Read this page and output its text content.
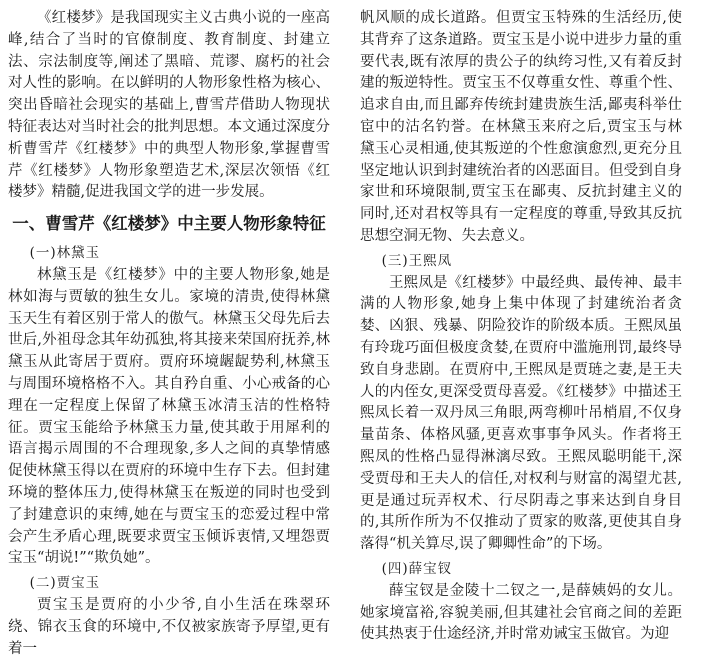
《红楼梦》是我国现实主义古典小说的一座高峰,结合了当时的官僚制度、教育制度、封建立法、宗法制度等,阐述了黑暗、荒谬、腐朽的社会对人性的影响。在以鲜明的人物形象性格为核心、突出昏暗社会现实的基础上,曹雪芹借助人物现状特征表达对当时社会的批判思想。本文通过深度分析曹雪芹《红楼梦》中的典型人物形象,掌握曹雪芹《红楼梦》人物形象塑造艺术,深层次领悟《红楼梦》精髓,促进我国文学的进一步发展。

一、曹雪芹《红楼梦》中主要人物形象特征
(一)林黛玉

林黛玉是《红楼梦》中的主要人物形象,她是林如海与贾敏的独生女儿。家境的清贵,使得林黛玉天生有着区别于常人的傲气。林黛玉父母先后去世后,外祖母念其年幼孤独,将其接来荣国府抚养,林黛玉从此寄居于贾府。贾府环境龌龊势利,林黛玉与周围环境格格不入。其自矜自重、小心戒备的心理在一定程度上保留了林黛玉冰清玉洁的性格特征。贾宝玉能给予林黛玉力量,使其敢于用犀利的语言揭示周围的不合理现象,多人之间的真挚情感促使林黛玉得以在贾府的环境中生存下去。但封建环境的整体压力,使得林黛玉在叛逆的同时也受到了封建意识的束缚,她在与贾宝玉的恋爱过程中常会产生矛盾心理,既要求贾宝玉倾诉衷情,又埋怨贾宝玉“胡说!”“欺负她”。

(二)贾宝玉

贾宝玉是贾府的小少爷,自小生活在珠翠环绕、锦衣玉食的环境中,不仅被家族寄予厚望,更有着一

帆风顺的成长道路。但贾宝玉特殊的生活经历,使其背弃了这条道路。贾宝玉是小说中进步力量的重要代表,既有浓厚的贵公子的纨绔习性,又有着反封建的叛逆特性。贾宝玉不仅尊重女性、尊重个性、追求自由,而且鄙弃传统封建贵族生活,鄙夷科举仕宦中的沽名钓誉。在林黛玉来府之后,贾宝玉与林黛玉心灵相通,使其叛逆的个性愈演愈烈,更充分且坚定地认识到封建统治者的凶恶面目。但受到自身家世和环境限制,贾宝玉在鄙夷、反抗封建主义的同时,还对君权等具有一定程度的尊重,导致其反抗思想空洞无物、失去意义。

(三)王熙凤

王熙凤是《红楼梦》中最经典、最传神、最丰满的人物形象,她身上集中体现了封建统治者贪婪、凶狠、残暴、阴险狡诈的阶级本质。王熙凤虽有玲珑巧面但极度贪婪,在贾府中滥施刑罚,最终导致自身悲剧。在贾府中,王熙凤是贾琏之妻,是王夫人的内侄女,更深受贾母喜爱。《红楼梦》中描述王熙凤长着一双丹凤三角眼,两弯柳叶吊梢眉,不仅身量苗条、体格风骚,更喜欢事事争风头。作者将王熙凤的性格凸显得淋漓尽致。王熙凤聪明能干,深受贾母和王夫人的信任,对权利与财富的渴望尤甚,更是通过玩弄权术、行尽阴毒之事来达到自身目的,其所作所为不仅推动了贾家的败落,更使其自身落得“机关算尽,误了卿卿性命”的下场。

(四)薛宝钗

薛宝钗是金陵十二钗之一,是薛姨妈的女儿。她家境富裕,容貌美丽,但其建社会官商之间的差距使其热衷于仕途经济,并时常劝诫宝玉做官。为迎
